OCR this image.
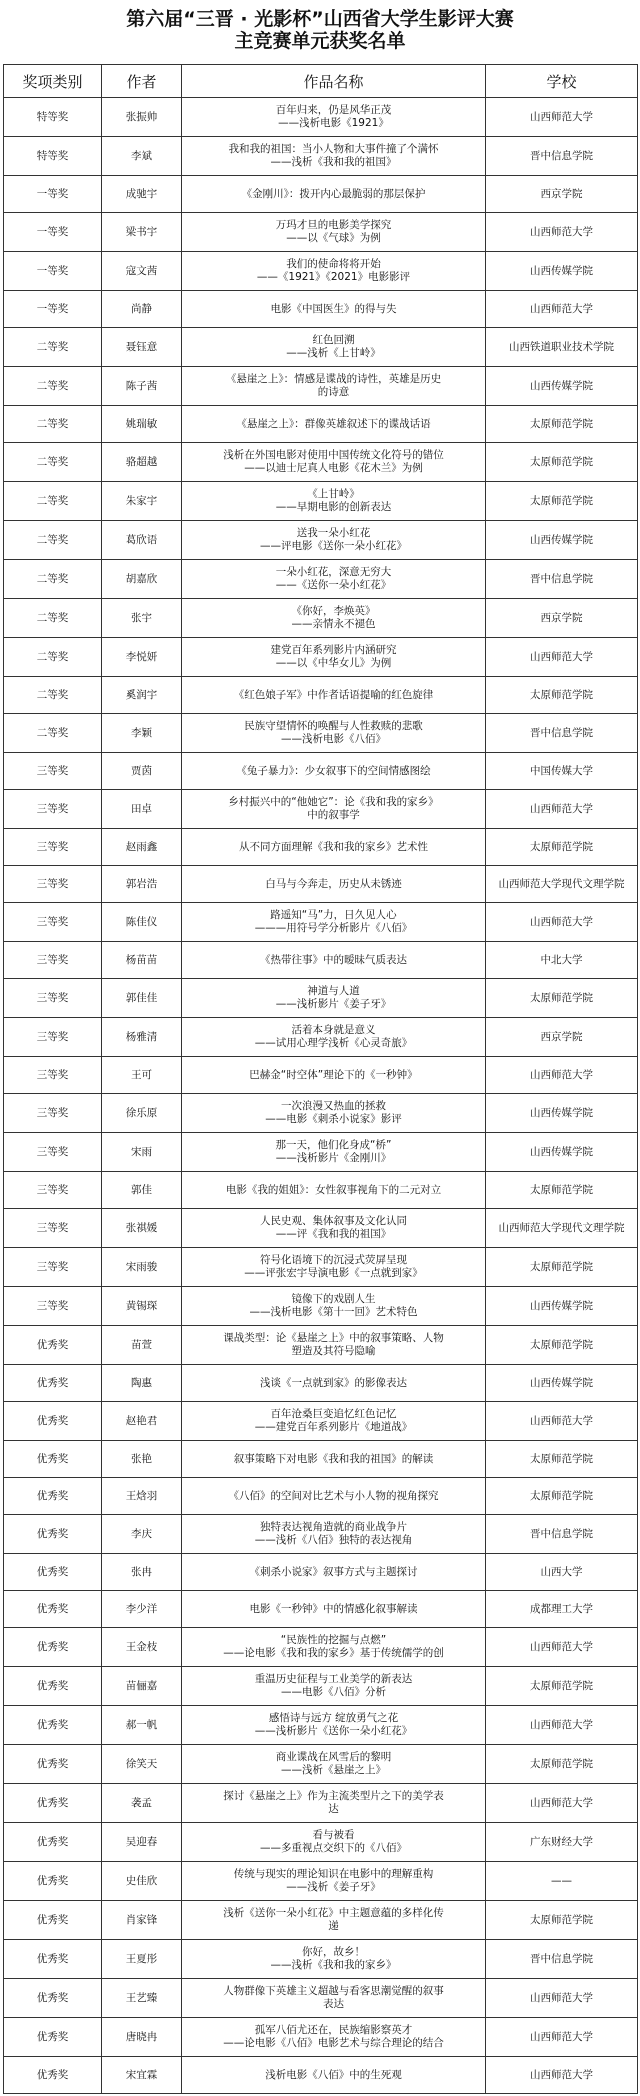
第六届“三晋 · 光影杯”山西省大学生影评大赛
主竞赛单元获奖名单
奖项类别	作者	作品名称	学校
特等奖	张振帅	百年归来，仍是风华正茂
——浅析电影《1921》	山西师范大学
特等奖	李斌	我和我的祖国：当小人物和大事件撞了个满怀
——浅析《我和我的祖国》	晋中信息学院
一等奖	成驰宇	《金刚川》：拨开内心最脆弱的那层保护	西京学院
一等奖	梁书宇	万玛才旦的电影美学探究
——以《气球》为例	山西师范大学
一等奖	寇文茜	我们的使命将将开始
——《1921》《2021》电影影评	山西传媒学院
一等奖	尚静	电影《中国医生》的得与失	山西师范大学
二等奖	聂钰意	红色回溯
——浅析《上甘岭》	山西铁道职业技术学院
二等奖	陈子茜	《悬崖之上》：情感是谍战的诗性，英雄是历史
的诗意	山西传媒学院
二等奖	姚瑞敏	《悬崖之上》：群像英雄叙述下的谍战话语	太原师范学院
二等奖	骆超越	浅析在外国电影对使用中国传统文化符号的错位
——以迪士尼真人电影《花木兰》为例	太原师范学院
二等奖	朱家宇	《上甘岭》
——早期电影的创新表达	太原师范学院
二等奖	葛欣语	送我一朵小红花
——评电影《送你一朵小红花》	山西传媒学院
二等奖	胡嘉欣	一朵小红花，深意无穷大
——《送你一朵小红花》	晋中信息学院
二等奖	张宇	《你好，李焕英》
——亲情永不褪色	西京学院
二等奖	李悦妍	建党百年系列影片内涵研究
——以《中华女儿》为例	山西师范大学
二等奖	奚润宇	《红色娘子军》中作者话语提喻的红色旋律	太原师范学院
二等奖	李颖	民族守望情怀的唤醒与人性救赎的悲歌
——浅析电影《八佰》	晋中信息学院
三等奖	贾茵	《兔子暴力》：少女叙事下的空间情感图绘	中国传媒大学
三等奖	田卓	乡村振兴中的“他她它”：论《我和我的家乡》
中的叙事学	山西师范大学
三等奖	赵雨鑫	从不同方面理解《我和我的家乡》艺术性	太原师范学院
三等奖	郭岩浩	白马与今奔走，历史从未锈迹	山西师范大学现代文理学院
三等奖	陈佳仪	路遥知“马”力，日久见人心
———用符号学分析影片《八佰》	山西师范大学
三等奖	杨苗苗	《热带往事》中的暧昧气质表达	中北大学
三等奖	郭佳佳	神道与人道
——浅析影片《姜子牙》	太原师范学院
三等奖	杨雅清	活着本身就是意义
——试用心理学浅析《心灵奇旅》	西京学院
三等奖	王可	巴赫金“时空体”理论下的《一秒钟》	山西师范大学
三等奖	徐乐原	一次浪漫又热血的拯救
——电影《刺杀小说家》影评	山西传媒学院
三等奖	宋雨	那一天，他们化身成“桥”
——浅析影片《金刚川》	山西传媒学院
三等奖	郭佳	电影《我的姐姐》：女性叙事视角下的二元对立	太原师范学院
三等奖	张祺媛	人民史观、集体叙事及文化认同
——评《我和我的祖国》	山西师范大学现代文理学院
三等奖	宋雨骏	符号化语境下的沉浸式荧屏呈现
——评张宏宇导演电影《一点就到家》	太原师范学院
三等奖	黄锡琛	镜像下的戏剧人生
——浅析电影《第十一回》艺术特色	山西传媒学院
优秀奖	苗萱	课战类型：论《悬崖之上》中的叙事策略、人物
塑造及其符号隐喻	太原师范学院
优秀奖	陶惠	浅谈《一点就到家》的影像表达	山西传媒学院
优秀奖	赵艳君	百年沧桑巨变追忆红色记忆
——建党百年系列影片《地道战》	山西师范大学
优秀奖	张艳	叙事策略下对电影《我和我的祖国》的解读	太原师范学院
优秀奖	王焓羽	《八佰》的空间对比艺术与小人物的视角探究	太原师范学院
优秀奖	李庆	独特表达视角造就的商业战争片
——浅析《八佰》独特的表达视角	晋中信息学院
优秀奖	张冉	《刺杀小说家》叙事方式与主题探讨	山西大学
优秀奖	李少洋	电影《一秒钟》中的情感化叙事解读	成都理工大学
优秀奖	王金枝	“民族性的挖掘与点燃”
——论电影《我和我的家乡》基于传统儒学的创	山西师范大学
优秀奖	苗俪嘉	重温历史征程与工业美学的新表达
——电影《八佰》分析	太原师范学院
优秀奖	郝一帆	感悟诗与远方 绽放勇气之花
——浅析影片《送你一朵小红花》	山西师范大学
优秀奖	徐笑天	商业谍战在风雪后的黎明
——浅析《悬崖之上》	太原师范学院
优秀奖	袭孟	探讨《悬崖之上》作为主流类型片之下的美学表
达	山西师范大学
优秀奖	吴迎春	看与被看
——多重视点交织下的《八佰》	广东财经大学
优秀奖	史佳欣	传统与现实的理论知识在电影中的理解重构
——浅析《姜子牙》	——
优秀奖	肖家锋	浅析《送你一朵小红花》中主题意蕴的多样化传
递	太原师范学院
优秀奖	王夏彤	你好，故乡！
——浅析《我和我的家乡》	晋中信息学院
优秀奖	王艺臻	人物群像下英雄主义超越与看客思潮觉醒的叙事
表达	山西师范大学
优秀奖	唐晓冉	孤军八佰尤还在，民族缩影察英才
——论电影《八佰》电影艺术与综合理论的结合	山西师范大学
优秀奖	宋宜霖	浅析电影《八佰》中的生死观	山西师范大学
